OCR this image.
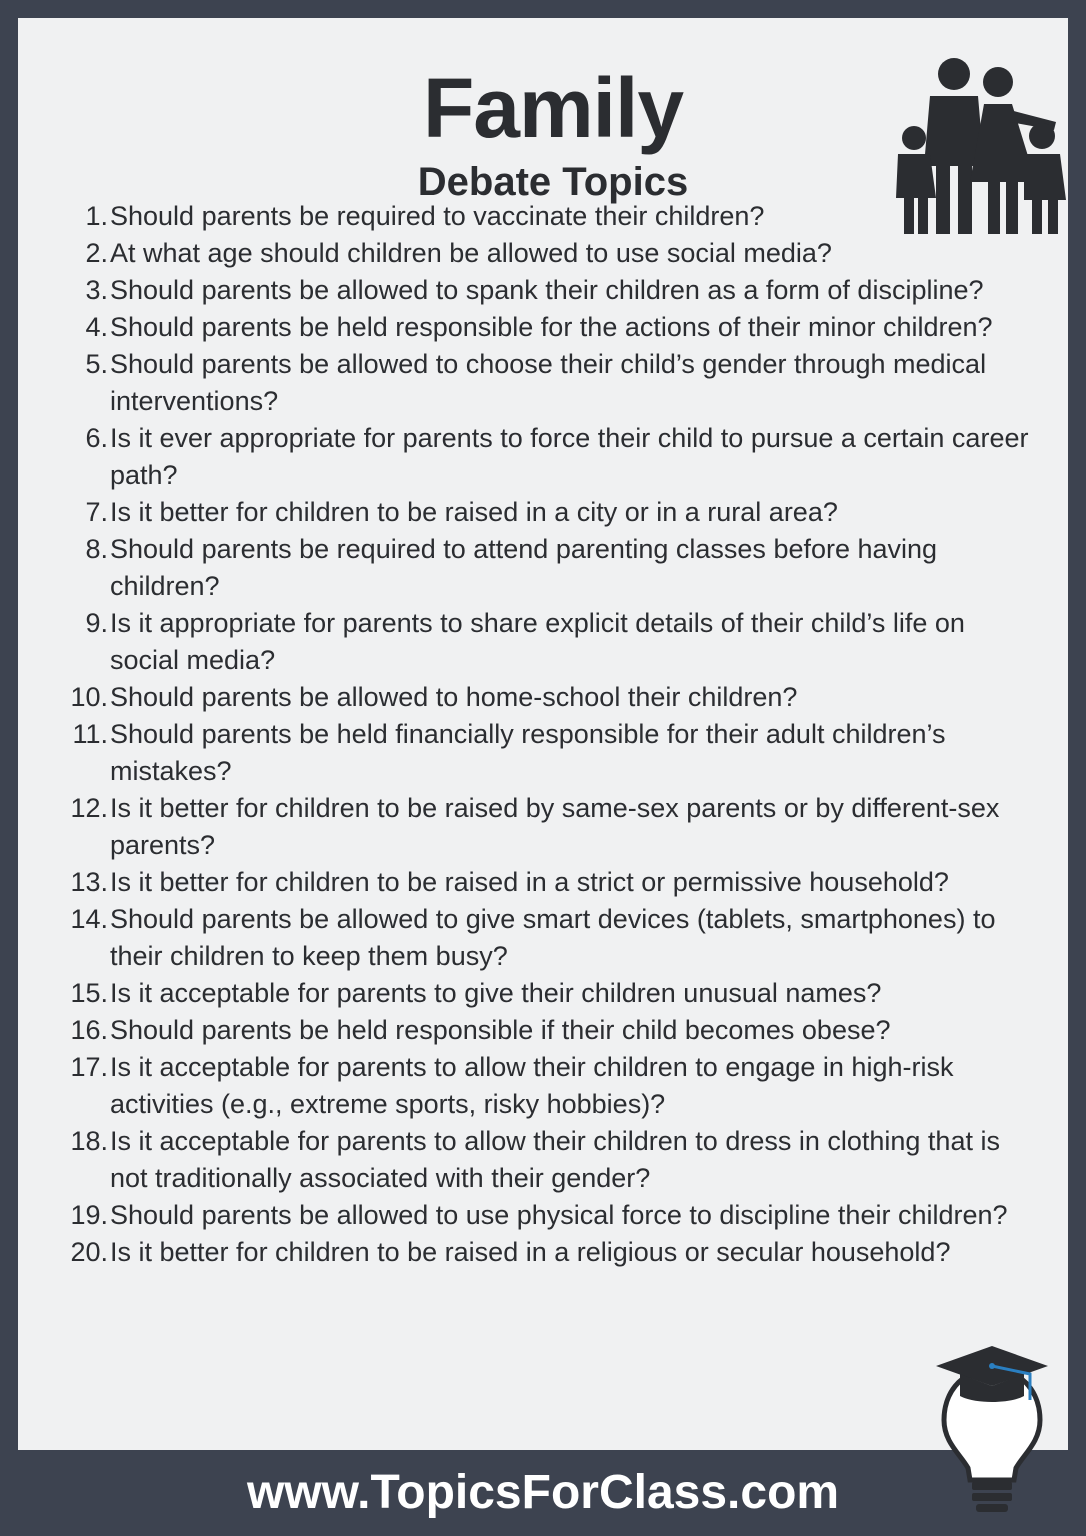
Family
Debate Topics
1. Should parents be required to vaccinate their children?
2. At what age should children be allowed to use social media?
3. Should parents be allowed to spank their children as a form of discipline?
4. Should parents be held responsible for the actions of their minor children?
5. Should parents be allowed to choose their child’s gender through medical interventions?
6. Is it ever appropriate for parents to force their child to pursue a certain career path?
7. Is it better for children to be raised in a city or in a rural area?
8. Should parents be required to attend parenting classes before having children?
9. Is it appropriate for parents to share explicit details of their child’s life on social media?
10. Should parents be allowed to home-school their children?
11. Should parents be held financially responsible for their adult children’s mistakes?
12. Is it better for children to be raised by same-sex parents or by different-sex parents?
13. Is it better for children to be raised in a strict or permissive household?
14. Should parents be allowed to give smart devices (tablets, smartphones) to their children to keep them busy?
15. Is it acceptable for parents to give their children unusual names?
16. Should parents be held responsible if their child becomes obese?
17. Is it acceptable for parents to allow their children to engage in high-risk activities (e.g., extreme sports, risky hobbies)?
18. Is it acceptable for parents to allow their children to dress in clothing that is not traditionally associated with their gender?
19. Should parents be allowed to use physical force to discipline their children?
20. Is it better for children to be raised in a religious or secular household?
www.TopicsForClass.com
